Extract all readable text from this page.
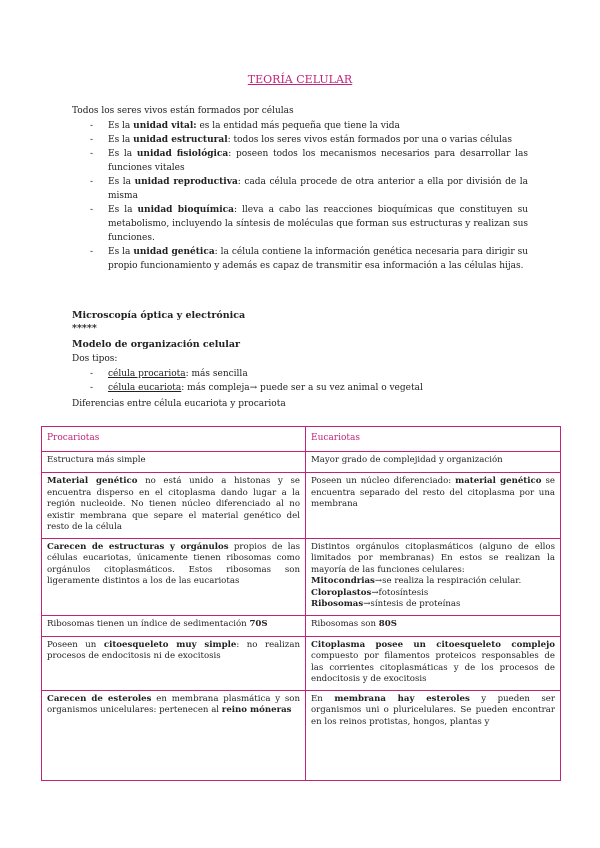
TEORÍA CELULAR
Todos los seres vivos están formados por células
- Es la unidad vital: es la entidad más pequeña que tiene la vida
- Es la unidad estructural: todos los seres vivos están formados por una o varias células
- Es la unidad fisiológica: poseen todos los mecanismos necesarios para desarrollar las funciones vitales
- Es la unidad reproductiva: cada célula procede de otra anterior a ella por división de la misma
- Es la unidad bioquímica: lleva a cabo las reacciones bioquímicas que constituyen su metabolismo, incluyendo la síntesis de moléculas que forman sus estructuras y realizan sus funciones.
- Es la unidad genética: la célula contiene la información genética necesaria para dirigir su propio funcionamiento y además es capaz de transmitir esa información a las células hijas.
Microscopía óptica y electrónica
*****
Modelo de organización celular
Dos tipos:
- célula procariota: más sencilla
- célula eucariota: más compleja→ puede ser a su vez animal o vegetal
Diferencias entre célula eucariota y procariota
Procariotas	Eucariotas
Estructura más simple	Mayor grado de complejidad y organización
Material genético no está unido a histonas y se encuentra disperso en el citoplasma dando lugar a la región nucleoide. No tienen núcleo diferenciado al no existir membrana que separe el material genético del resto de la célula	Poseen un núcleo diferenciado: material genético se encuentra separado del resto del citoplasma por una membrana
Carecen de estructuras y orgánulos propios de las células eucariotas, únicamente tienen ribosomas como orgánulos citoplasmáticos. Estos ribosomas son ligeramente distintos a los de las eucariotas	Distintos orgánulos citoplasmáticos (alguno de ellos limitados por membranas) En estos se realizan la mayoría de las funciones celulares:
Mitocondrias→se realiza la respiración celular.
Cloroplastos→fotosíntesis
Ribosomas→síntesis de proteínas
Ribosomas tienen un índice de sedimentación 70S	Ribosomas son 80S
Poseen un citoesqueleto muy simple: no realizan procesos de endocitosis ni de exocitosis	Citoplasma posee un citoesqueleto complejo compuesto por filamentos proteicos responsables de las corrientes citoplasmáticas y de los procesos de endocitosis y de exocitosis
Carecen de esteroles en membrana plasmática y son organismos unicelulares: pertenecen al reino móneras	En membrana hay esteroles y pueden ser organismos uni o pluricelulares. Se pueden encontrar en los reinos protistas, hongos, plantas y
